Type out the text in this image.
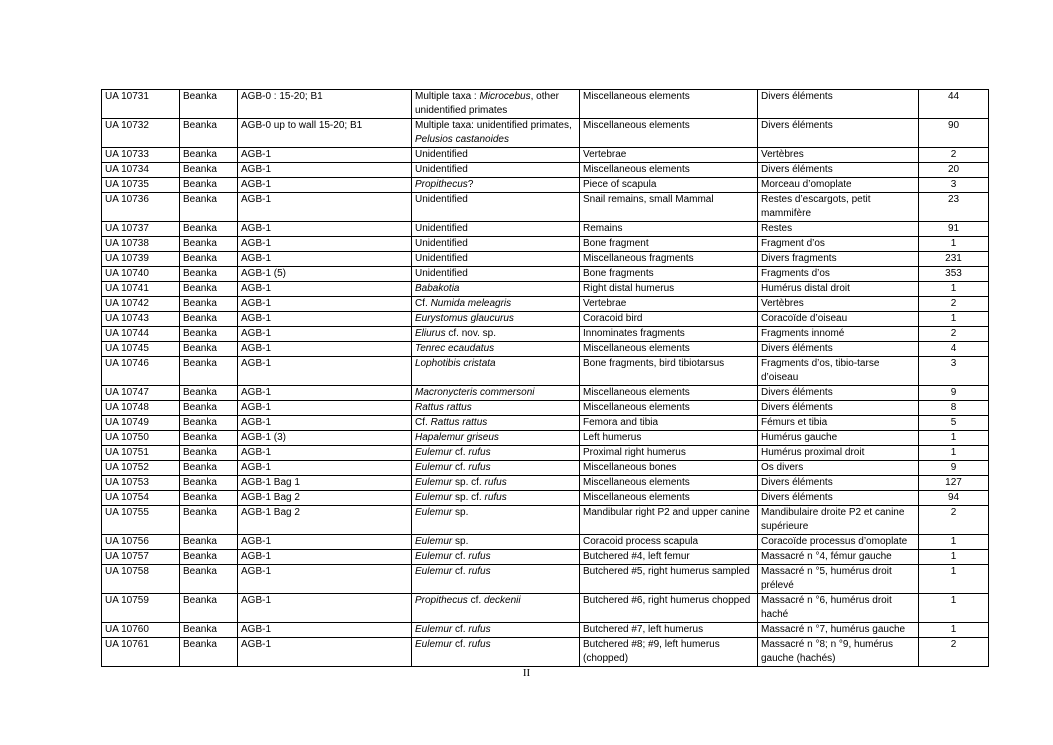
UA 10731	Beanka	AGB-0 : 15-20; B1	Multiple taxa : Microcebus, other unidentified primates	Miscellaneous elements	Divers éléments	44
UA 10732	Beanka	AGB-0 up to wall 15-20; B1	Multiple taxa: unidentified primates, Pelusios castanoides	Miscellaneous elements	Divers éléments	90
UA 10733	Beanka	AGB-1	Unidentified	Vertebrae	Vertèbres	2
UA 10734	Beanka	AGB-1	Unidentified	Miscellaneous elements	Divers éléments	20
UA 10735	Beanka	AGB-1	Propithecus?	Piece of scapula	Morceau d’omoplate	3
UA 10736	Beanka	AGB-1	Unidentified	Snail remains, small Mammal	Restes d’escargots, petit mammifère	23
UA 10737	Beanka	AGB-1	Unidentified	Remains	Restes	91
UA 10738	Beanka	AGB-1	Unidentified	Bone fragment	Fragment d’os	1
UA 10739	Beanka	AGB-1	Unidentified	Miscellaneous fragments	Divers fragments	231
UA 10740	Beanka	AGB-1 (5)	Unidentified	Bone fragments	Fragments d’os	353
UA 10741	Beanka	AGB-1	Babakotia	Right distal humerus	Humérus distal droit	1
UA 10742	Beanka	AGB-1	Cf. Numida meleagris	Vertebrae	Vertèbres	2
UA 10743	Beanka	AGB-1	Eurystomus glaucurus	Coracoid bird	Coracoïde d’oiseau	1
UA 10744	Beanka	AGB-1	Eliurus cf. nov. sp.	Innominates fragments	Fragments innomé	2
UA 10745	Beanka	AGB-1	Tenrec ecaudatus	Miscellaneous elements	Divers éléments	4
UA 10746	Beanka	AGB-1	Lophotibis cristata	Bone fragments, bird tibiotarsus	Fragments d’os, tibio-tarse d’oiseau	3
UA 10747	Beanka	AGB-1	Macronycteris commersoni	Miscellaneous elements	Divers éléments	9
UA 10748	Beanka	AGB-1	Rattus rattus	Miscellaneous elements	Divers éléments	8
UA 10749	Beanka	AGB-1	Cf. Rattus rattus	Femora and tibia	Fémurs et tibia	5
UA 10750	Beanka	AGB-1 (3)	Hapalemur griseus	Left humerus	Humérus gauche	1
UA 10751	Beanka	AGB-1	Eulemur cf. rufus	Proximal right humerus	Humérus proximal droit	1
UA 10752	Beanka	AGB-1	Eulemur cf. rufus	Miscellaneous bones	Os divers	9
UA 10753	Beanka	AGB-1 Bag 1	Eulemur sp. cf. rufus	Miscellaneous elements	Divers éléments	127
UA 10754	Beanka	AGB-1 Bag 2	Eulemur sp. cf. rufus	Miscellaneous elements	Divers éléments	94
UA 10755	Beanka	AGB-1 Bag 2	Eulemur sp.	Mandibular right P2 and upper canine	Mandibulaire droite P2 et canine supérieure	2
UA 10756	Beanka	AGB-1	Eulemur sp.	Coracoid process scapula	Coracoïde processus d’omoplate	1
UA 10757	Beanka	AGB-1	Eulemur cf. rufus	Butchered #4, left femur	Massacré n °4, fémur gauche	1
UA 10758	Beanka	AGB-1	Eulemur cf. rufus	Butchered #5, right humerus sampled	Massacré n °5, humérus droit prélevé	1
UA 10759	Beanka	AGB-1	Propithecus cf. deckenii	Butchered #6, right humerus chopped	Massacré n °6, humérus droit haché	1
UA 10760	Beanka	AGB-1	Eulemur cf. rufus	Butchered #7, left humerus	Massacré n °7, humérus gauche	1
UA 10761	Beanka	AGB-1	Eulemur cf. rufus	Butchered #8; #9, left humerus (chopped)	Massacré n °8; n °9, humérus gauche (hachés)	2
II
